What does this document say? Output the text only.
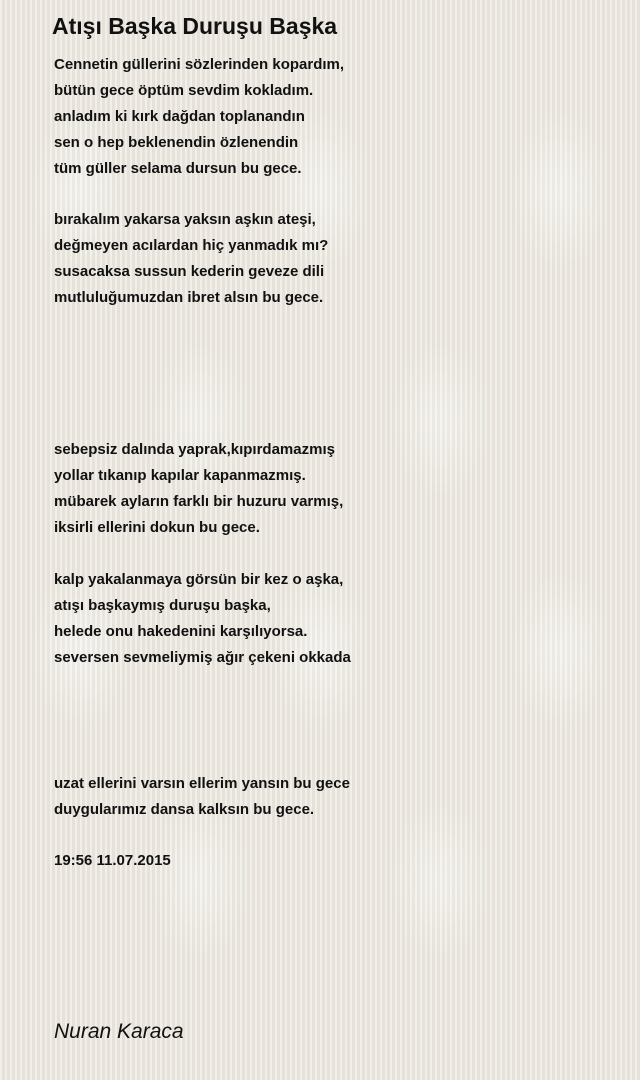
Atışı Başka Duruşu Başka
Cennetin güllerini sözlerinden kopardım,
bütün gece öptüm sevdim kokladım.
anladım ki kırk dağdan toplanandın
sen o hep beklenendin özlenendin
tüm güller selama dursun bu gece.
bırakalım yakarsa yaksın aşkın ateşi,
değmeyen acılardan hiç yanmadık mı?
susacaksa sussun kederin geveze dili
mutluluğumuzdan ibret alsın bu gece.
sebepsiz dalında yaprak,kıpırdamazmış
yollar tıkanıp kapılar kapanmazmış.
mübarek ayların farklı bir huzuru varmış,
iksirli ellerini dokun bu gece.
kalp yakalanmaya görsün bir kez o aşka,
atışı başkaymış duruşu başka,
helede onu hakedenini karşılıyorsa.
seversen sevmeliymiş ağır çekeni okkada
uzat ellerini varsın ellerim yansın bu gece
duygularımız dansa kalksın bu gece.

19:56 11.07.2015

Nuran Karaca
